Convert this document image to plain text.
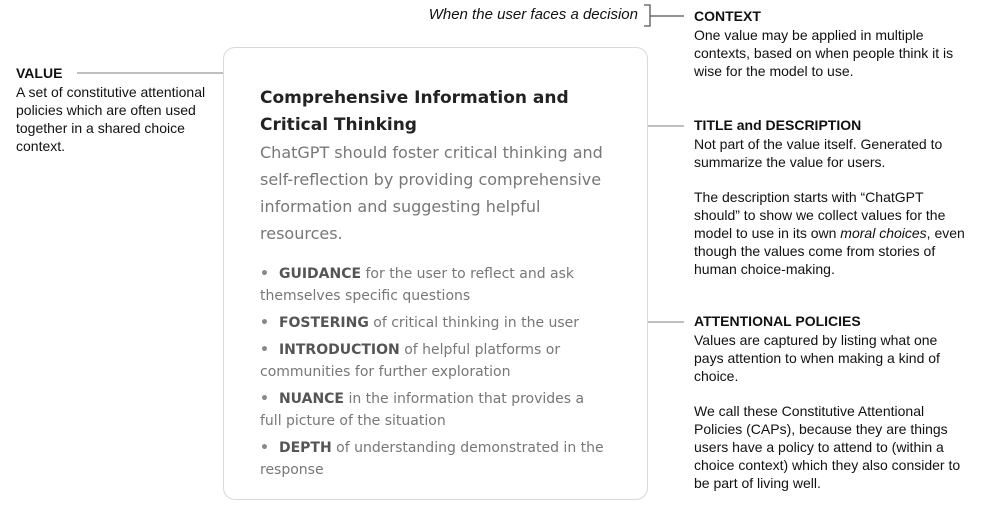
When the user faces a decision
Comprehensive Information and Critical Thinking
ChatGPT should foster critical thinking and self-reflection by providing comprehensive information and suggesting helpful resources.
• GUIDANCE for the user to reflect and ask themselves specific questions
• FOSTERING of critical thinking in the user
• INTRODUCTION of helpful platforms or communities for further exploration
• NUANCE in the information that provides a full picture of the situation
• DEPTH of understanding demonstrated in the response
VALUE
A set of constitutive attentional policies which are often used together in a shared choice context.
CONTEXT
One value may be applied in multiple contexts, based on when people think it is wise for the model to use.
TITLE and DESCRIPTION

Not part of the value itself. Generated to summarize the value for users.

The description starts with “ChatGPT should” to show we collect values for the model to use in its own moral choices, even though the values come from stories of human choice-making.

ATTENTIONAL POLICIES

Values are captured by listing what one pays attention to when making a kind of choice.

We call these Constitutive Attentional Policies (CAPs), because they are things users have a policy to attend to (within a choice context) which they also consider to be part of living well.
